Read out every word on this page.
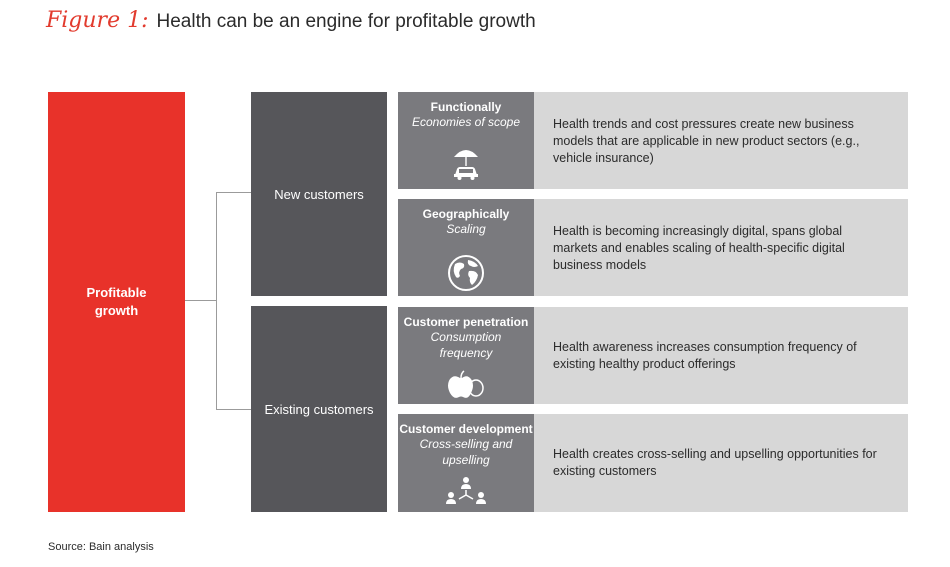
Figure 1: Health can be an engine for profitable growth
Profitable growth
New customers
Existing customers
Functionally
Economies of scope	Health trends and cost pressures create new business models that are applicable in new product sectors (e.g., vehicle insurance)
Geographically
Scaling	Health is becoming increasingly digital, spans global markets and enables scaling of health-specific digital business models
Customer penetration
Consumption frequency	Health awareness increases consumption frequency of existing healthy product offerings
Customer development
Cross-selling and upselling	Health creates cross-selling and upselling opportunities for existing customers
Source: Bain analysis
